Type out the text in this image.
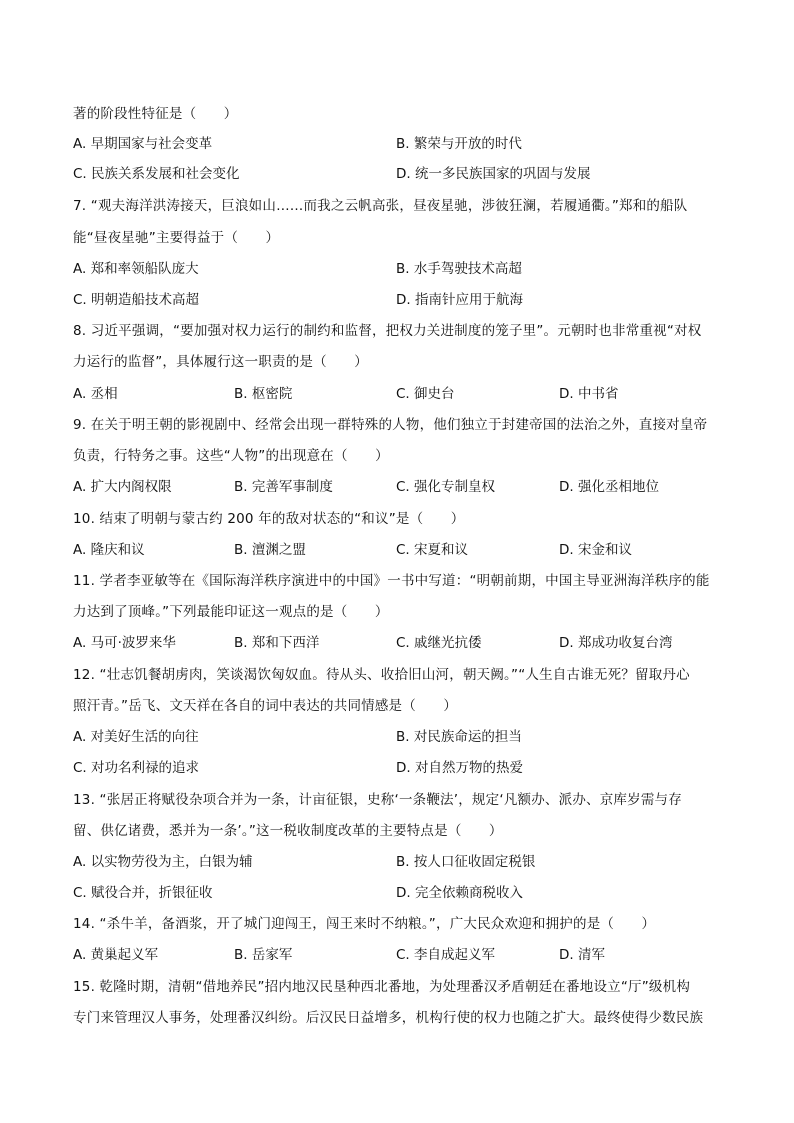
著的阶段性特征是（　　）
A. 早期国家与社会变革	B. 繁荣与开放的时代
C. 民族关系发展和社会变化	D. 统一多民族国家的巩固与发展
7. “观夫海洋洪涛接天，巨浪如山……而我之云帆高张，昼夜星驰，涉彼狂澜，若履通衢。”郑和的船队
能“昼夜星驰”主要得益于（　　）
A. 郑和率领船队庞大	B. 水手驾驶技术高超
C. 明朝造船技术高超	D. 指南针应用于航海
8. 习近平强调，“要加强对权力运行的制约和监督，把权力关进制度的笼子里”。元朝时也非常重视“对权
力运行的监督”，具体履行这一职责的是（　　）
A. 丞相	B. 枢密院	C. 御史台	D. 中书省
9. 在关于明王朝的影视剧中、经常会出现一群特殊的人物，他们独立于封建帝国的法治之外，直接对皇帝
负责，行特务之事。这些“人物”的出现意在（　　）
A. 扩大内阁权限	B. 完善军事制度	C. 强化专制皇权	D. 强化丞相地位
10. 结束了明朝与蒙古约 200 年的敌对状态的“和议”是（　　）
A. 隆庆和议	B. 澶渊之盟	C. 宋夏和议	D. 宋金和议
11. 学者李亚敏等在《国际海洋秩序演进中的中国》一书中写道：“明朝前期，中国主导亚洲海洋秩序的能
力达到了顶峰。”下列最能印证这一观点的是（　　）
A. 马可·波罗来华	B. 郑和下西洋	C. 戚继光抗倭	D. 郑成功收复台湾
12. “壮志饥餐胡虏肉，笑谈渴饮匈奴血。待从头、收拾旧山河，朝天阙。”“人生自古谁无死？留取丹心
照汗青。”岳飞、文天祥在各自的词中表达的共同情感是（　　）
A. 对美好生活的向往	B. 对民族命运的担当
C. 对功名利禄的追求	D. 对自然万物的热爱
13. “张居正将赋役杂项合并为一条，计亩征银，史称‘一条鞭法’，规定‘凡额办、派办、京库岁需与存
留、供亿诸费，悉并为一条’。”这一税收制度改革的主要特点是（　　）
A. 以实物劳役为主，白银为辅	B. 按人口征收固定税银
C. 赋役合并，折银征收	D. 完全依赖商税收入
14. “杀牛羊，备酒浆，开了城门迎闯王，闯王来时不纳粮。”，广大民众欢迎和拥护的是（　　）
A. 黄巢起义军	B. 岳家军	C. 李自成起义军	D. 清军
15. 乾隆时期，清朝“借地养民”招内地汉民垦种西北番地，为处理番汉矛盾朝廷在番地设立“厅”级机构
专门来管理汉人事务，处理番汉纠纷。后汉民日益增多，机构行使的权力也随之扩大。最终使得少数民族
